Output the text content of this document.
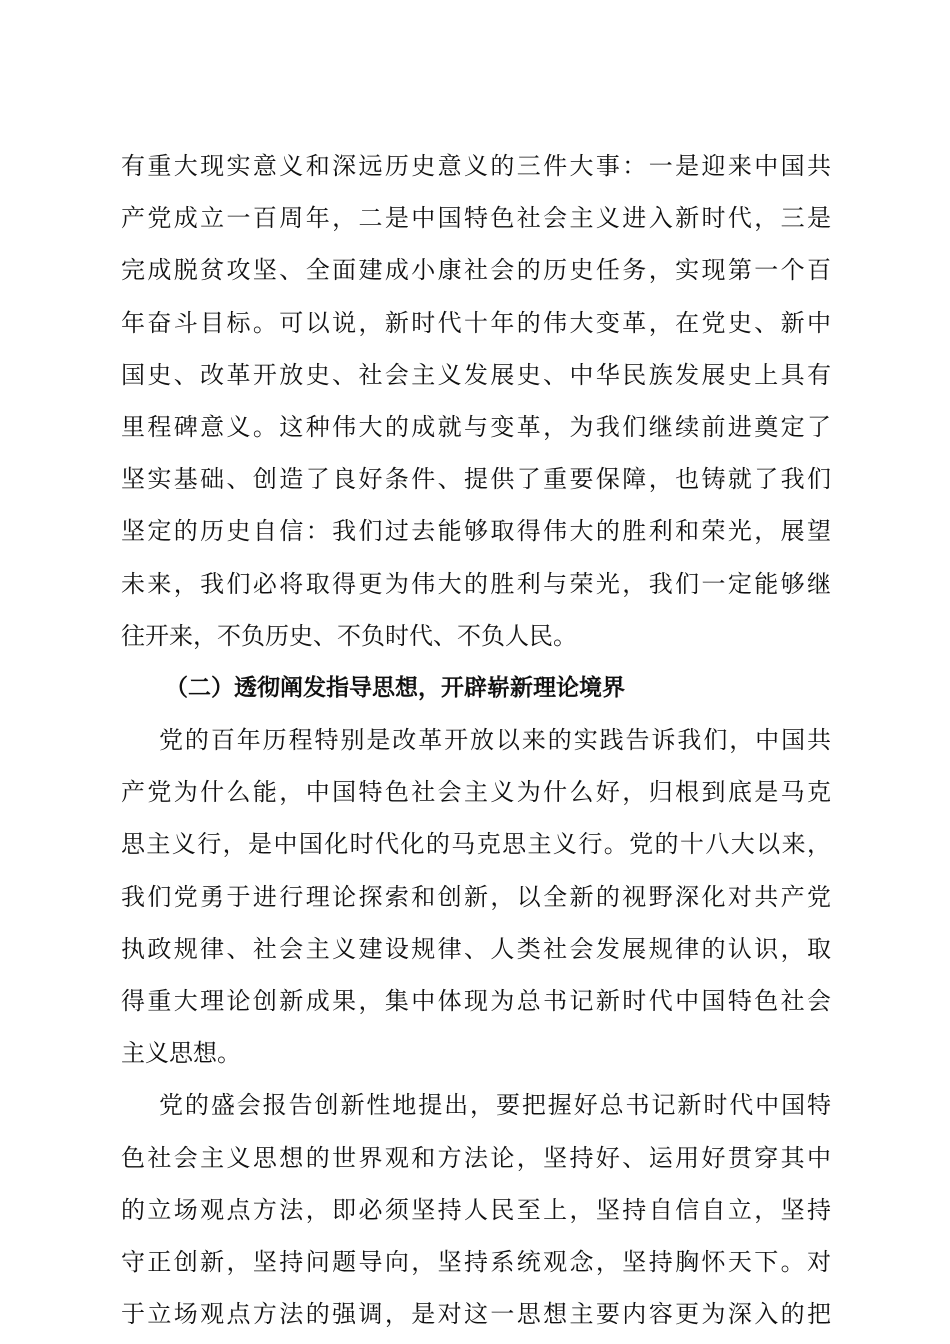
有重大现实意义和深远历史意义的三件大事：一是迎来中国共
产党成立一百周年，二是中国特色社会主义进入新时代，三是
完成脱贫攻坚、全面建成小康社会的历史任务，实现第一个百
年奋斗目标。可以说，新时代十年的伟大变革，在党史、新中
国史、改革开放史、社会主义发展史、中华民族发展史上具有
里程碑意义。这种伟大的成就与变革，为我们继续前进奠定了
坚实基础、创造了良好条件、提供了重要保障，也铸就了我们
坚定的历史自信：我们过去能够取得伟大的胜利和荣光，展望
未来，我们必将取得更为伟大的胜利与荣光，我们一定能够继
往开来，不负历史、不负时代、不负人民。
（二）透彻阐发指导思想，开辟崭新理论境界
党的百年历程特别是改革开放以来的实践告诉我们，中国共
产党为什么能，中国特色社会主义为什么好，归根到底是马克
思主义行，是中国化时代化的马克思主义行。党的十八大以来，
我们党勇于进行理论探索和创新，以全新的视野深化对共产党
执政规律、社会主义建设规律、人类社会发展规律的认识，取
得重大理论创新成果，集中体现为总书记新时代中国特色社会
主义思想。
党的盛会报告创新性地提出，要把握好总书记新时代中国特
色社会主义思想的世界观和方法论，坚持好、运用好贯穿其中
的立场观点方法，即必须坚持人民至上，坚持自信自立，坚持
守正创新，坚持问题导向，坚持系统观念，坚持胸怀天下。对
于立场观点方法的强调，是对这一思想主要内容更为深入的把
